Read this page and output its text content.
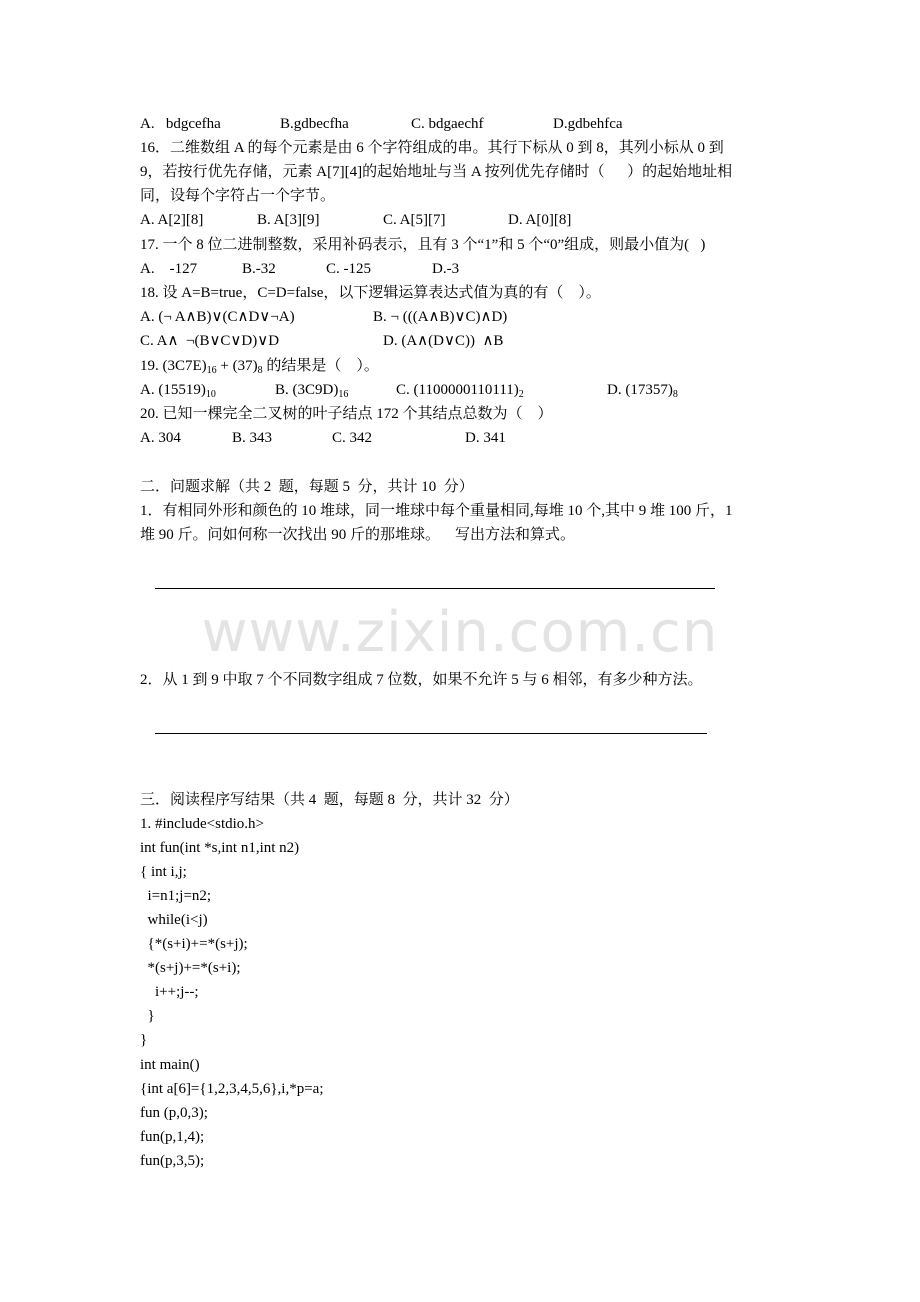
www.zixin.com.cn
A.   bdgcefha	B.gdbecfha	C. bdgaechf	D.gdbehfca
16．二维数组 A 的每个元素是由 6 个字符组成的串。其行下标从 0 到 8，其列小标从 0 到
9，若按行优先存储，元素 A[7][4]的起始地址与当 A 按列优先存储时（      ）的起始地址相
同，设每个字符占一个字节。
A. A[2][8]	B. A[3][9]	C. A[5][7]	D. A[0][8]
17. 一个 8 位二进制整数，采用补码表示，且有 3 个“1”和 5 个“0”组成，则最小值为(   )
A.    -127	B.-32	C. -125	D.-3
18. 设 A=B=true，C=D=false，以下逻辑运算表达式值为真的有（    ）。
A. (¬ A∧B)∨(C∧D∨¬A)	B. ¬ (((A∧B)∨C)∧D)
C. A∧  ¬(B∨C∨D)∨D	D. (A∧(D∨C))  ∧B
19. $(3C7E)_{16} + (37)_8$ 的结果是（    ）。
A. $(15519)_{10}$	B. $(3C9D)_{16}$	C. $(1100000110111)_2$	D. $(17357)_8$
20. 已知一棵完全二叉树的叶子结点 172 个其结点总数为（    ）
A. 304	B. 343	C. 342	D. 341
二．问题求解（共 2  题，每题 5  分，共计 10  分）
1．有相同外形和颜色的 10 堆球，同一堆球中每个重量相同,每堆 10 个,其中 9 堆 100 斤，1
堆 90 斤。问如何称一次找出 90 斤的那堆球。    写出方法和算式。
2．从 1 到 9 中取 7 个不同数字组成 7 位数，如果不允许 5 与 6 相邻，有多少种方法。
三．阅读程序写结果（共 4  题，每题 8  分，共计 32  分）
1. #include<stdio.h>
int fun(int *s,int n1,int n2)
{ int i,j;
i=n1;j=n2;
while(i<j)
{*(s+i)+=*(s+j);
*(s+j)+=*(s+i);
i++;j--;
}
}
int main()
{int a[6]={1,2,3,4,5,6},i,*p=a;
fun (p,0,3);
fun(p,1,4);
fun(p,3,5);
